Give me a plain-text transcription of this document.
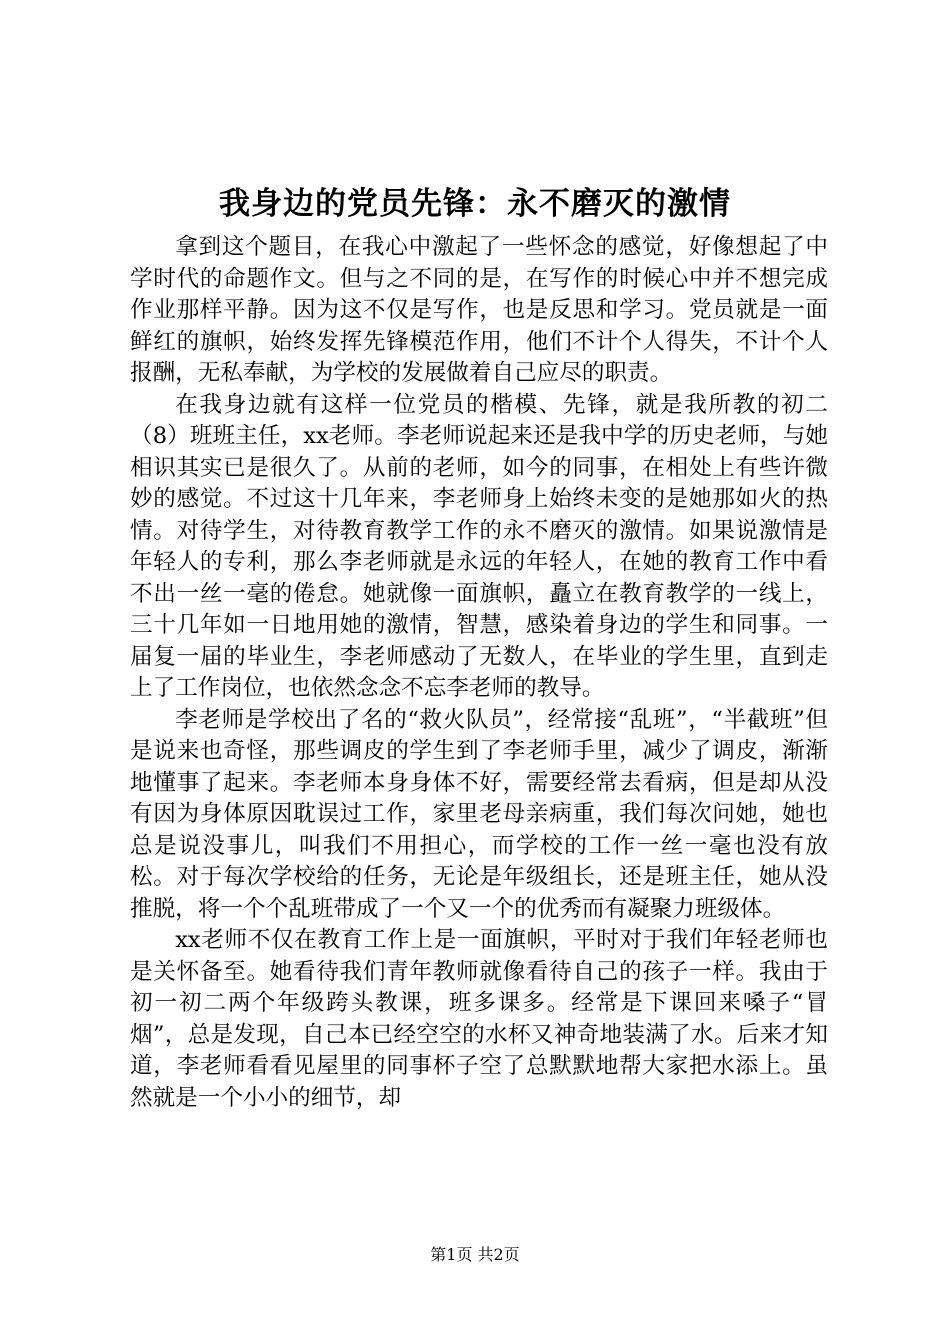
我身边的党员先锋：永不磨灭的激情

拿到这个题目，在我心中激起了一些怀念的感觉，好像想起了中学时代的命题作文。但与之不同的是，在写作的时候心中并不想完成作业那样平静。因为这不仅是写作，也是反思和学习。党员就是一面鲜红的旗帜，始终发挥先锋模范作用，他们不计个人得失，不计个人报酬，无私奉献，为学校的发展做着自己应尽的职责。

在我身边就有这样一位党员的楷模、先锋，就是我所教的初二（8）班班主任，xx老师。李老师说起来还是我中学的历史老师，与她相识其实已是很久了。从前的老师，如今的同事，在相处上有些许微妙的感觉。不过这十几年来，李老师身上始终未变的是她那如火的热情。对待学生，对待教育教学工作的永不磨灭的激情。如果说激情是年轻人的专利，那么李老师就是永远的年轻人，在她的教育工作中看不出一丝一毫的倦怠。她就像一面旗帜，矗立在教育教学的一线上，三十几年如一日地用她的激情，智慧，感染着身边的学生和同事。一届复一届的毕业生，李老师感动了无数人，在毕业的学生里，直到走上了工作岗位，也依然念念不忘李老师的教导。

李老师是学校出了名的“救火队员”，经常接“乱班”，“半截班”但是说来也奇怪，那些调皮的学生到了李老师手里，减少了调皮，渐渐地懂事了起来。李老师本身身体不好，需要经常去看病，但是却从没有因为身体原因耽误过工作，家里老母亲病重，我们每次问她，她也总是说没事儿，叫我们不用担心，而学校的工作一丝一毫也没有放松。对于每次学校给的任务，无论是年级组长，还是班主任，她从没推脱，将一个个乱班带成了一个又一个的优秀而有凝聚力班级体。

xx老师不仅在教育工作上是一面旗帜，平时对于我们年轻老师也是关怀备至。她看待我们青年教师就像看待自己的孩子一样。我由于初一初二两个年级跨头教课，班多课多。经常是下课回来嗓子“冒烟”，总是发现，自己本已经空空的水杯又神奇地装满了水。后来才知道，李老师看看见屋里的同事杯子空了总默默地帮大家把水添上。虽然就是一个小小的细节，却

第1页 共2页
